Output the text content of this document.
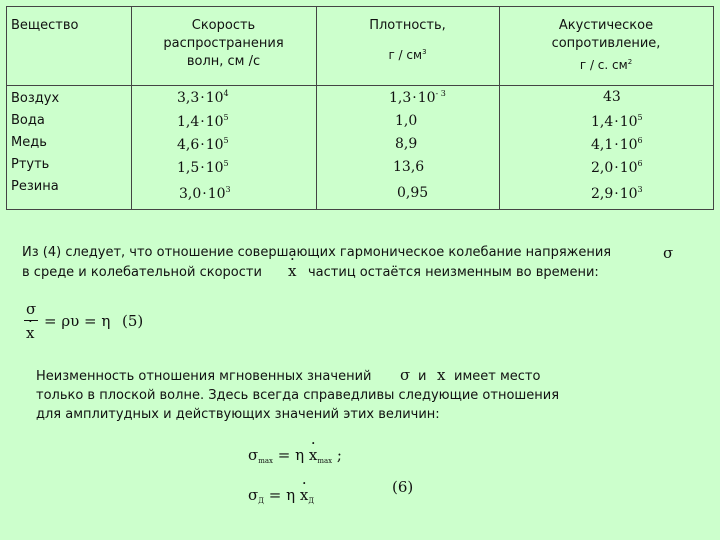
Вещество	Скорость
распространения
волн, см /с
Плотность,
г / $см^3$
Акустическое
сопротивление,
г / с. $см^2$
Воздух
Вода
Медь
Ртуть
Резина
$3,3\cdot 10^4$
$1,4\cdot 10^5$
$4,6\cdot 10^5$
$1,5\cdot 10^5$
$3,0\cdot 10^3$
$1,3\cdot 10^{- 3}$
1,0
8,9
13,6
0,95
43
$1,4\cdot 10^5$
$4,1\cdot 10^6$
$2,0\cdot 10^6$
$2,9\cdot 10^3$
Из (4) следует, что отношение совершающих гармоническое колебание напряжения	σ
в среде и колебательной скорости · x частиц остаётся неизменным во времени:
σ
· x
= ρυ = η (5)
Неизменность отношения мгновенных значений σ и x имеет место
только в плоской волне. Здесь всегда справедливы следующие отношения
для амплитудных и действующих значений этих величин:
$\sigma_{max} = \eta \cdot x_{max}$ ;
$\sigma_Д = \eta \cdot x_Д$
(6)
